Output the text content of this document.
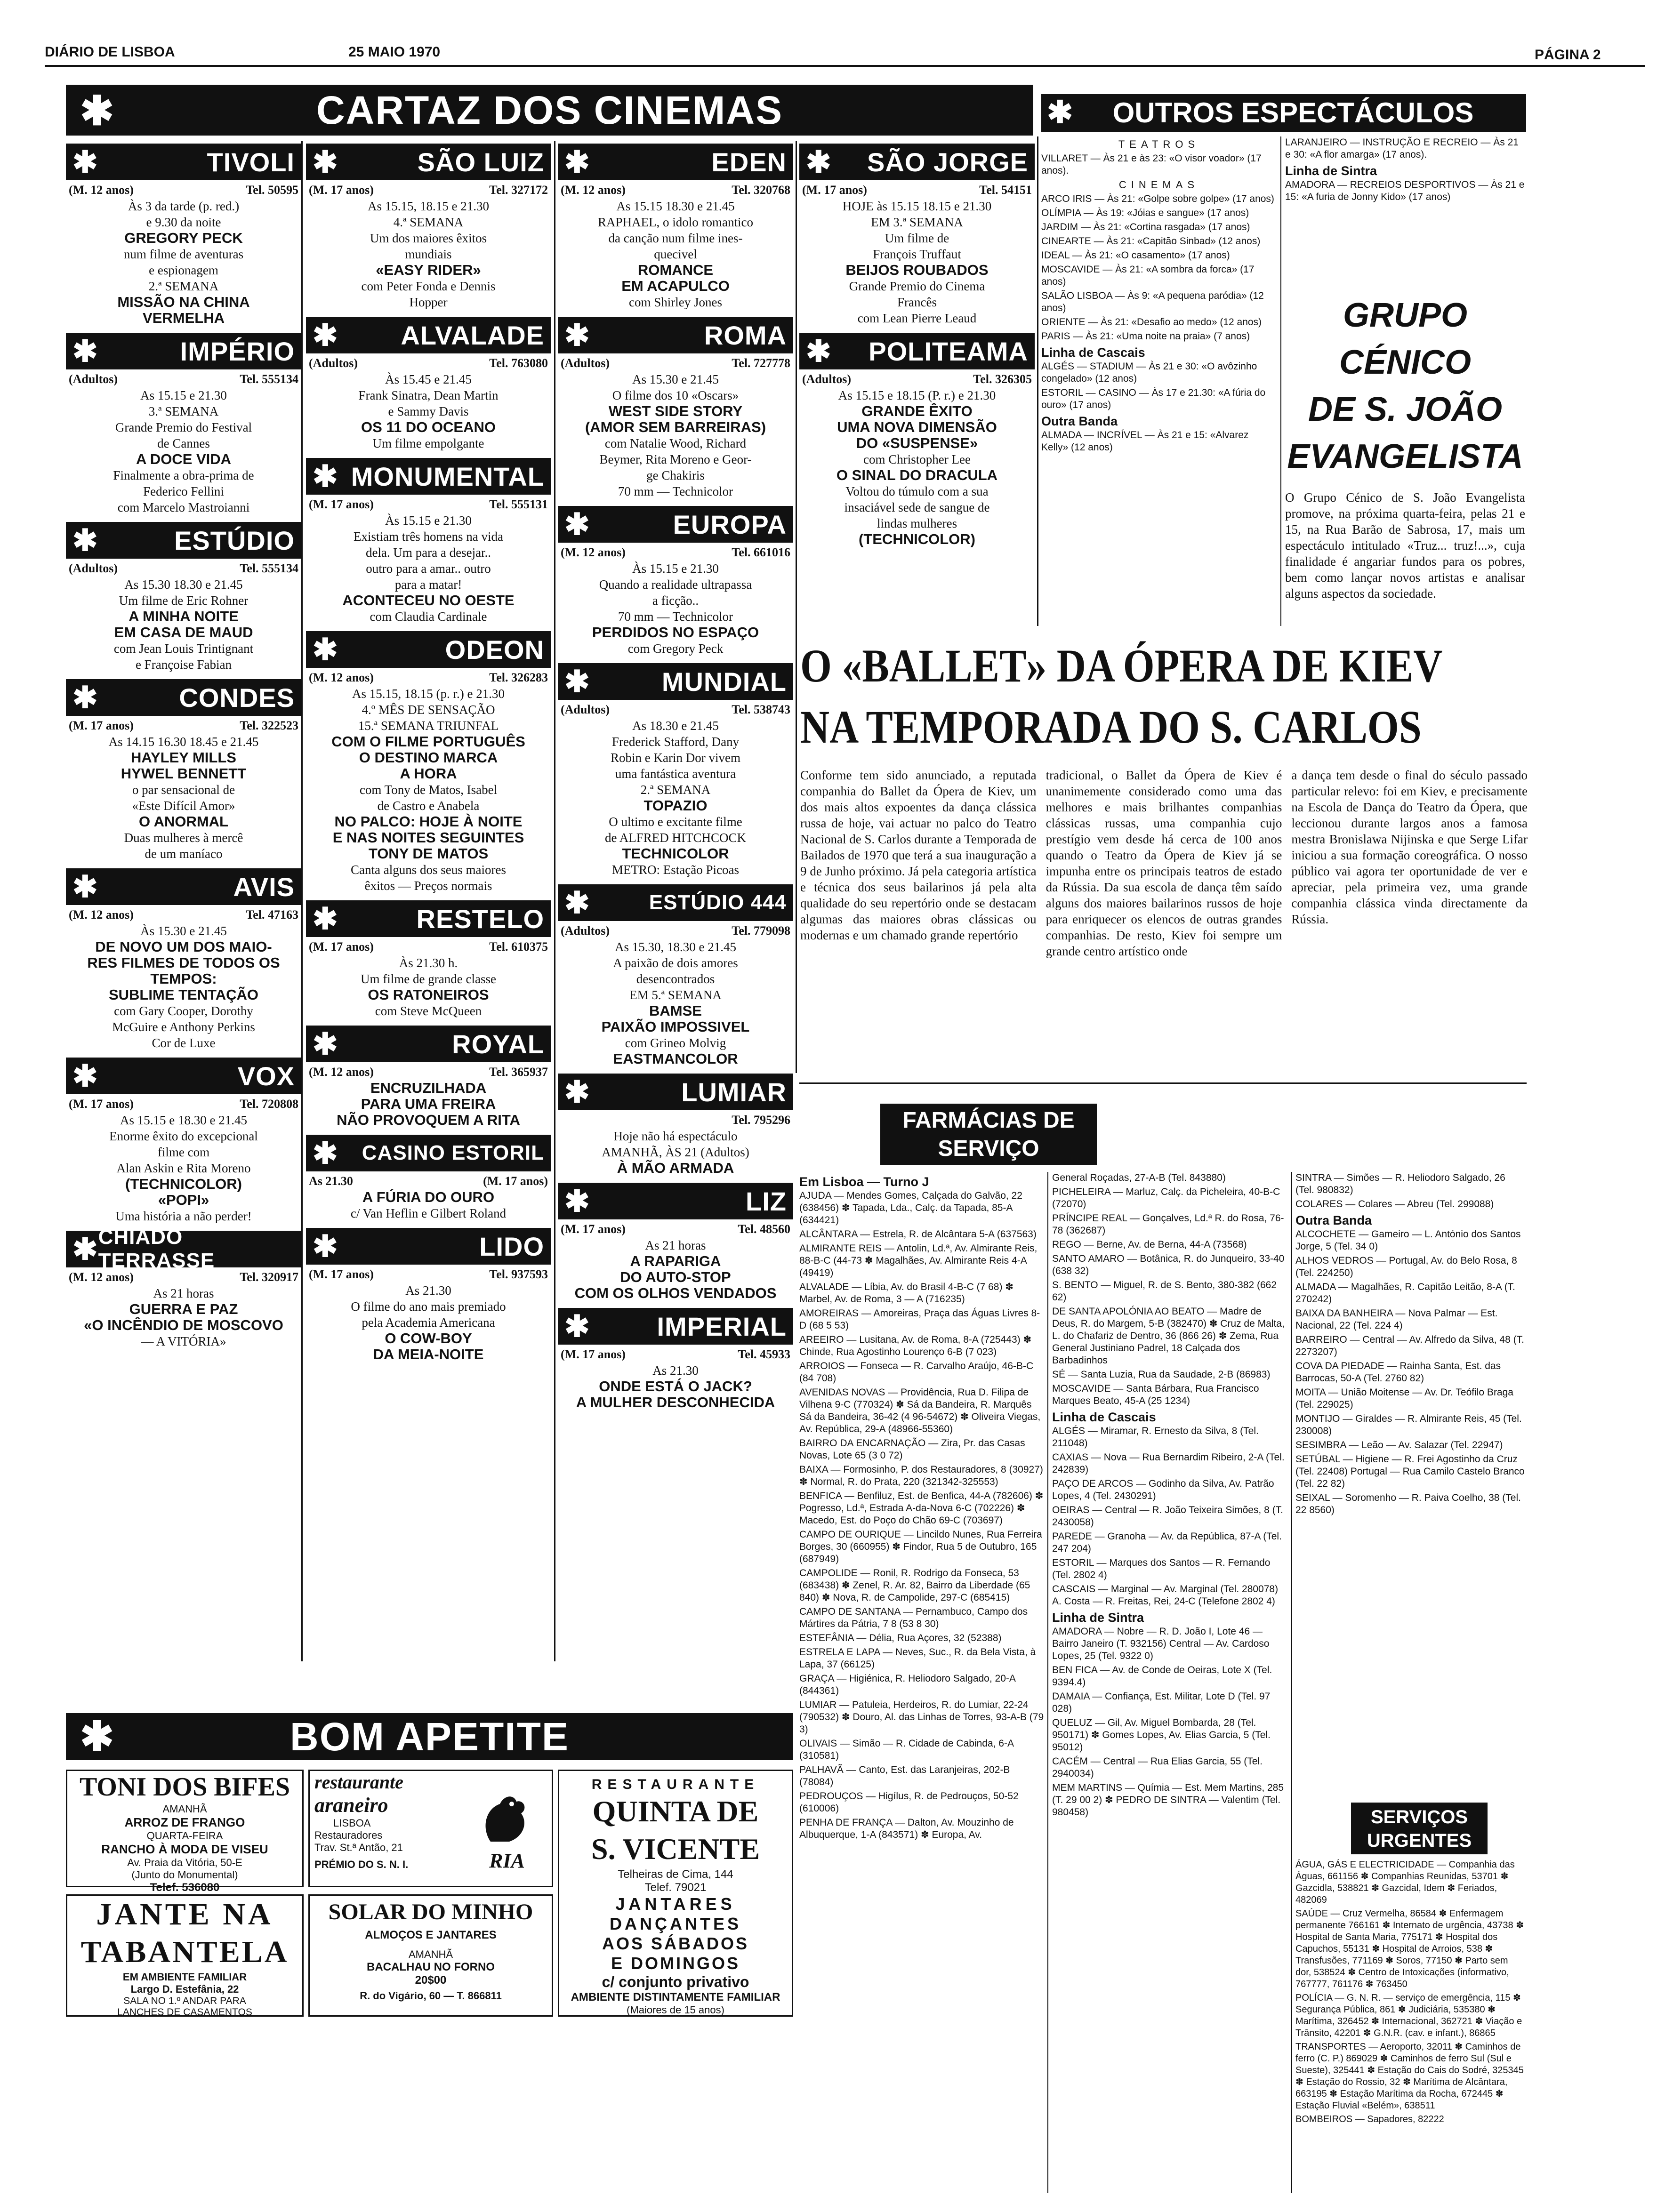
DIÁRIO DE LISBOA	25 MAIO 1970	PÁGINA 2
✱	CARTAZ DOS CINEMAS	✱ OUTROS ESPECTÁCULOS
✱	TIVOLI
(M. 12 anos)	Tel. 50595
Às 3 da tarde (p. red.)
e 9.30 da noite
GREGORY PECK
num filme de aventuras
e espionagem
2.ª SEMANA
MISSÃO NA CHINA
VERMELHA
✱	IMPÉRIO
(Adultos)	Tel. 555134
As 15.15 e 21.30
3.ª SEMANA
Grande Premio do Festival
de Cannes
A DOCE VIDA
Finalmente a obra-prima de
Federico Fellini
com Marcelo Mastroianni
✱	ESTÚDIO
(Adultos)	Tel. 555134
As 15.30 18.30 e 21.45
Um filme de Eric Rohner
A MINHA NOITE
EM CASA DE MAUD
com Jean Louis Trintignant
e Françoise Fabian
✱	CONDES
(M. 17 anos)	Tel. 322523
As 14.15 16.30 18.45 e 21.45
HAYLEY MILLS
HYWEL BENNETT
o par sensacional de
«Este Difícil Amor»
O ANORMAL
Duas mulheres à mercê
de um maníaco
✱	AVIS
(M. 12 anos)	Tel. 47163
Às 15.30 e 21.45
DE NOVO UM DOS MAIO-
RES FILMES DE TODOS OS
TEMPOS:
SUBLIME TENTAÇÃO
com Gary Cooper, Dorothy
McGuire e Anthony Perkins
Cor de Luxe
✱	VOX
(M. 17 anos)	Tel. 720808
As 15.15 e 18.30 e 21.45
Enorme êxito do excepcional
filme com
Alan Askin e Rita Moreno
(TECHNICOLOR)
«POPI»
Uma história a não perder!
✱ CHIADO TERRASSE
(M. 12 anos)	Tel. 320917
As 21 horas
GUERRA E PAZ
«O INCÊNDIO DE MOSCOVO
— A VITÓRIA»
✱	SÃO LUIZ
(M. 17 anos)	Tel. 327172
As 15.15, 18.15 e 21.30
4.ª SEMANA
Um dos maiores êxitos
mundiais
«EASY RIDER»
com Peter Fonda e Dennis
Hopper
✱ ALVALADE
(Adultos)	Tel. 763080
Às 15.45 e 21.45
Frank Sinatra, Dean Martin
e Sammy Davis
OS 11 DO OCEANO
Um filme empolgante
✱ MONUMENTAL
(M. 17 anos)	Tel. 555131
Às 15.15 e 21.30
Existiam três homens na vida
dela. Um para a desejar..
outro para a amar.. outro
para a matar!
ACONTECEU NO OESTE
com Claudia Cardinale
✱	ODEON
(M. 12 anos)	Tel. 326283
As 15.15, 18.15 (p. r.) e 21.30
4.º MÊS DE SENSAÇÃO
15.ª SEMANA TRIUNFAL
COM O FILME PORTUGUÊS
O DESTINO MARCA
A HORA
com Tony de Matos, Isabel
de Castro e Anabela
NO PALCO: HOJE À NOITE
E NAS NOITES SEGUINTES
TONY DE MATOS
Canta alguns dos seus maiores
êxitos — Preços normais
✱	RESTELO
(M. 17 anos)	Tel. 610375
Às 21.30 h.
Um filme de grande classe
OS RATONEIROS
com Steve McQueen
✱	ROYAL
(M. 12 anos)	Tel. 365937
ENCRUZILHADA
PARA UMA FREIRA
NÃO PROVOQUEM A RITA
✱ CASINO ESTORIL
As 21.30	(M. 17 anos)
A FÚRIA DO OURO
c/ Van Heflin e Gilbert Roland
✱	LIDO
(M. 17 anos)	Tel. 937593
As 21.30
O filme do ano mais premiado
pela Academia Americana
O COW-BOY
DA MEIA-NOITE
✱	EDEN
(M. 12 anos)	Tel. 320768
As 15.15 18.30 e 21.45
RAPHAEL, o idolo romantico
da canção num filme ines-
quecivel
ROMANCE
EM ACAPULCO
com Shirley Jones
✱	ROMA
(Adultos)	Tel. 727778
As 15.30 e 21.45
O filme dos 10 «Oscars»
WEST SIDE STORY
(AMOR SEM BARREIRAS)
com Natalie Wood, Richard
Beymer, Rita Moreno e Geor-
ge Chakiris
70 mm — Technicolor
✱	EUROPA
(M. 12 anos)	Tel. 661016
Às 15.15 e 21.30
Quando a realidade ultrapassa
a ficção..
70 mm — Technicolor
PERDIDOS NO ESPAÇO
com Gregory Peck
✱	MUNDIAL
(Adultos)	Tel. 538743
As 18.30 e 21.45
Frederick Stafford, Dany
Robin e Karin Dor vivem
uma fantástica aventura
2.ª SEMANA
TOPAZIO
O ultimo e excitante filme
de ALFRED HITCHCOCK
TECHNICOLOR
METRO: Estação Picoas
✱	ESTÚDIO 444
(Adultos)	Tel. 779098
As 15.30, 18.30 e 21.45
A paixão de dois amores
desencontrados
EM 5.ª SEMANA
BAMSE
PAIXÃO IMPOSSIVEL
com Grineo Molvig
EASTMANCOLOR
✱	LUMIAR
Tel. 795296
Hoje não há espectáculo
AMANHÃ, ÀS 21 (Adultos)
À MÃO ARMADA
✱	LIZ
(M. 17 anos)	Tel. 48560
As 21 horas
A RAPARIGA
DO AUTO-STOP
COM OS OLHOS VENDADOS
✱	IMPERIAL
(M. 17 anos)	Tel. 45933
As 21.30
ONDE ESTÁ O JACK?
A MULHER DESCONHECIDA
✱ SÃO JORGE
(M. 17 anos)	Tel. 54151
HOJE às 15.15 18.15 e 21.30
EM 3.ª SEMANA
Um filme de
François Truffaut
BEIJOS ROUBADOS
Grande Premio do Cinema
Francês
com Lean Pierre Leaud
✱ POLITEAMA
(Adultos)	Tel. 326305
As 15.15 e 18.15 (P. r.) e 21.30
GRANDE ÊXITO
UMA NOVA DIMENSÃO
DO «SUSPENSE»
com Christopher Lee
O SINAL DO DRACULA
Voltou do túmulo com a sua
insaciável sede de sangue de
lindas mulheres
(TECHNICOLOR)
TEATROS
VILLARET — Às 21 e às 23: «O visor voador» (17 anos).
CINEMAS
ARCO IRIS — Às 21: «Golpe sobre golpe» (17 anos)
OLÍMPIA — Às 19: «Jóias e sangue» (17 anos)
JARDIM — Às 21: «Cortina rasgada» (17 anos)
CINEARTE — Às 21: «Capitão Sinbad» (12 anos)
IDEAL — Às 21: «O casamento» (17 anos)
MOSCAVIDE — Às 21: «A sombra da forca» (17 anos)
SALÃO LISBOA — Às 9: «A pequena paródia» (12 anos)
ORIENTE — Às 21: «Desafio ao medo» (12 anos)
PARIS — Às 21: «Uma noite na praia» (7 anos)
Linha de Cascais
ALGÉS — STADIUM — Às 21 e 30: «O avôzinho congelado» (12 anos)
ESTORIL — CASINO — Às 17 e 21.30: «A fúria do ouro» (17 anos)
Outra Banda
ALMADA — INCRÍVEL — Às 21 e 15: «Alvarez Kelly» (12 anos)
LARANJEIRO — INSTRUÇÃO E RECREIO — Às 21 e 30: «A flor amarga» (17 anos).
Linha de Sintra
AMADORA — RECREIOS DESPORTIVOS — Às 21 e 15: «A furia de Jonny Kido» (17 anos)
GRUPO CÉNICO
DE S. JOÃO
EVANGELISTA
O Grupo Cénico de S. João Evangelista promove, na próxima quarta-feira, pelas 21 e 15, na Rua Barão de Sabrosa, 17, mais um espectáculo intitulado «Truz... truz!...», cuja finalidade é angariar fundos para os pobres, bem como lançar novos artistas e analisar alguns aspectos da sociedade.
O «BALLET» DA ÓPERA DE KIEV
NA TEMPORADA DO S. CARLOS
Conforme tem sido anunciado, a reputada companhia do Ballet da Ópera de Kiev, um dos mais altos expoentes da dança clássica russa de hoje, vai actuar no palco do Teatro Nacional de S. Carlos durante a Temporada de Bailados de 1970 que terá a sua inauguração a 9 de Junho próximo. Já pela categoria artística e técnica dos seus bailarinos já pela alta qualidade do seu repertório onde se destacam algumas das maiores obras clássicas ou modernas e um chamado grande repertório
tradicional, o Ballet da Ópera de Kiev é unanimemente considerado como uma das melhores e mais brilhantes companhias clássicas russas, uma companhia cujo prestígio vem desde há cerca de 100 anos quando o Teatro da Ópera de Kiev já se impunha entre os principais teatros de estado da Rússia. Da sua escola de dança têm saído alguns dos maiores bailarinos russos de hoje para enriquecer os elencos de outras grandes companhias. De resto, Kiev foi sempre um grande centro artístico onde
a dança tem desde o final do século passado particular relevo: foi em Kiev, e precisamente na Escola de Dança do Teatro da Ópera, que leccionou durante largos anos a famosa mestra Bronislawa Nijinska e que Serge Lifar iniciou a sua formação coreográfica. O nosso público vai agora ter oportunidade de ver e apreciar, pela primeira vez, uma grande companhia clássica vinda directamente da Rússia.
FARMÁCIAS DE SERVIÇO
Em Lisboa — Turno J
AJUDA — Mendes Gomes, Calçada do Galvão, 22 (638456) ✽ Tapada, Lda., Calç. da Tapada, 85-A (634421)
ALCÂNTARA — Estrela, R. de Alcântara 5-A (637563)
ALMIRANTE REIS — Antolin, Ld.ª, Av. Almirante Reis, 88-B-C (44-73 ✽ Magalhães, Av. Almirante Reis 4-A (49419)
ALVALADE — Líbia, Av. do Brasil 4-B-C (7 68) ✽ Marbel, Av. de Roma, 3 — A (716235)
AMOREIRAS — Amoreiras, Praça das Águas Livres 8-D (68 5 53)
AREEIRO — Lusitana, Av. de Roma, 8-A (725443) ✽ Chinde, Rua Agostinho Lourenço 6-B (7 023)
ARROIOS — Fonseca — R. Carvalho Araújo, 46-B-C (84 708)
AVENIDAS NOVAS — Providência, Rua D. Filipa de Vilhena 9-C (770324) ✽ Sá da Bandeira, R. Marquês Sá da Bandeira, 36-42 (4 96-54672) ✽ Oliveira Viegas, Av. República, 29-A (48966-55360)
BAIRRO DA ENCARNAÇÃO — Zira, Pr. das Casas Novas, Lote 65 (3 0 72)
BAIXA — Formosinho, P. dos Restauradores, 8 (30927) ✽ Normal, R. do Prata, 220 (321342-325553)
BENFICA — Benfiluz, Est. de Benfica, 44-A (782606) ✽ Pogresso, Ld.ª, Estrada A-da-Nova 6-C (702226) ✽ Macedo, Est. do Poço do Chão 69-C (703697)
CAMPO DE OURIQUE — Lincildo Nunes, Rua Ferreira Borges, 30 (660955) ✽ Findor, Rua 5 de Outubro, 165 (687949)
CAMPOLIDE — Ronil, R. Rodrigo da Fonseca, 53 (683438) ✽ Zenel, R. Ar. 82, Bairro da Liberdade (65 840) ✽ Nova, R. de Campolide, 297-C (685415)
CAMPO DE SANTANA — Pernambuco, Campo dos Mártires da Pátria, 7 8 (53 8 30)
ESTEFÂNIA — Délia, Rua Açores, 32 (52388)
ESTRELA E LAPA — Neves, Suc., R. da Bela Vista, à Lapa, 37 (66125)
GRAÇA — Higiénica, R. Heliodoro Salgado, 20-A (844361)
LUMIAR — Patuleia, Herdeiros, R. do Lumiar, 22-24 (790532) ✽ Douro, Al. das Linhas de Torres, 93-A-B (79 3)
OLIVAIS — Simão — R. Cidade de Cabinda, 6-A (310581)
PALHAVÃ — Canto, Est. das Laranjeiras, 202-B (78084)
PEDROUÇOS — Higílus, R. de Pedrouços, 50-52 (610006)
PENHA DE FRANÇA — Dalton, Av. Mouzinho de Albuquerque, 1-A (843571) ✽ Europa, Av.
General Roçadas, 27-A-B (Tel. 843880)
PICHELEIRA — Marluz, Calç. da Picheleira, 40-B-C (72070)
PRÍNCIPE REAL — Gonçalves, Ld.ª R. do Rosa, 76-78 (362687)
REGO — Berne, Av. de Berna, 44-A (73568)
SANTO AMARO — Botânica, R. do Junqueiro, 33-40 (638 32)
S. BENTO — Miguel, R. de S. Bento, 380-382 (662 62)
DE SANTA APOLÓNIA AO BEATO — Madre de Deus, R. do Margem, 5-B (382470) ✽ Cruz de Malta, L. do Chafariz de Dentro, 36 (866 26) ✽ Zema, Rua General Justiniano Padrel, 18 Calçada dos Barbadinhos
SÉ — Santa Luzia, Rua da Saudade, 2-B (86983)
MOSCAVIDE — Santa Bárbara, Rua Francisco Marques Beato, 45-A (25 1234)
Linha de Cascais
ALGÉS — Miramar, R. Ernesto da Silva, 8 (Tel. 211048)
CAXIAS — Nova — Rua Bernardim Ribeiro, 2-A (Tel. 242839)
PAÇO DE ARCOS — Godinho da Silva, Av. Patrão Lopes, 4 (Tel. 2430291)
OEIRAS — Central — R. João Teixeira Simões, 8 (T. 2430058)
PAREDE — Granoha — Av. da República, 87-A (Tel. 247 204)
ESTORIL — Marques dos Santos — R. Fernando (Tel. 2802 4)
CASCAIS — Marginal — Av. Marginal (Tel. 280078) A. Costa — R. Freitas, Rei, 24-C (Telefone 2802 4)
Linha de Sintra
AMADORA — Nobre — R. D. João I, Lote 46 — Bairro Janeiro (T. 932156) Central — Av. Cardoso Lopes, 25 (Tel. 9322 0)
BEN FICA — Av. de Conde de Oeiras, Lote X (Tel. 9394.4)
DAMAIA — Confiança, Est. Militar, Lote D (Tel. 97 028)
QUELUZ — Gil, Av. Miguel Bombarda, 28 (Tel. 950171) ✽ Gomes Lopes, Av. Elias Garcia, 5 (Tel. 95012)
CACÉM — Central — Rua Elias Garcia, 55 (Tel. 2940034)
MEM MARTINS — Químia — Est. Mem Martins, 285 (T. 29 00 2) ✽ PEDRO DE SINTRA — Valentim (Tel. 980458)
SINTRA — Simões — R. Heliodoro Salgado, 26 (Tel. 980832)
COLARES — Colares — Abreu (Tel. 299088)
Outra Banda
ALCOCHETE — Gameiro — L. António dos Santos Jorge, 5 (Tel. 34 0)
ALHOS VEDROS — Portugal, Av. do Belo Rosa, 8 (Tel. 224250)
ALMADA — Magalhães, R. Capitão Leitão, 8-A (T. 270242)
BAIXA DA BANHEIRA — Nova Palmar — Est. Nacional, 22 (Tel. 224 4)
BARREIRO — Central — Av. Alfredo da Silva, 48 (T. 2273207)
COVA DA PIEDADE — Rainha Santa, Est. das Barrocas, 50-A (Tel. 2760 82)
MOITA — União Moitense — Av. Dr. Teófilo Braga (Tel. 229025)
MONTIJO — Giraldes — R. Almirante Reis, 45 (Tel. 230008)
SESIMBRA — Leão — Av. Salazar (Tel. 22947)
SETÚBAL — Higiene — R. Frei Agostinho da Cruz (Tel. 22408) Portugal — Rua Camilo Castelo Branco (Tel. 22 82)
SEIXAL — Soromenho — R. Paiva Coelho, 38 (Tel. 22 8560)
SERVIÇOS URGENTES
ÁGUA, GÁS E ELECTRICIDADE — Companhia das Águas, 661156 ✽ Companhias Reunidas, 53701 ✽ Gazcidla, 538821 ✽ Gazcidal, Idem ✽ Feriados, 482069
SAÚDE — Cruz Vermelha, 86584 ✽ Enfermagem permanente 766161 ✽ Internato de urgência, 43738 ✽ Hospital de Santa Maria, 775171 ✽ Hospital dos Capuchos, 55131 ✽ Hospital de Arroios, 538 ✽ Transfusões, 771169 ✽ Soros, 77150 ✽ Parto sem dor, 538524 ✽ Centro de Intoxicações (informativo, 767777, 761176 ✽ 763450
POLÍCIA — G. N. R. — serviço de emergência, 115 ✽ Segurança Pública, 861 ✽ Judiciária, 535380 ✽ Marítima, 326452 ✽ Internacional, 362721 ✽ Viação e Trânsito, 42201 ✽ G.N.R. (cav. e infant.), 86865
TRANSPORTES — Aeroporto, 32011 ✽ Caminhos de ferro (C. P.) 869029 ✽ Caminhos de ferro Sul (Sul e Sueste), 325441 ✽ Estação do Cais do Sodré, 325345 ✽ Estação do Rossio, 32 ✽ Marítima de Alcântara, 663195 ✽ Estação Marítima da Rocha, 672445 ✽ Estação Fluvial «Belém», 638511
BOMBEIROS — Sapadores, 82222
✱	BOM APETITE
TONI DOS BIFES
AMANHÃ
ARROZ DE FRANGO
QUARTA-FEIRA
RANCHO À MODA DE VISEU
Av. Praia da Vitória, 50-E
(Junto do Monumental)
Telef. 536080
JANTE NA
TABANTELA
EM AMBIENTE FAMILIAR
Largo D. Estefânia, 22
SALA NO 1.º ANDAR PARA
LANCHES DE CASAMENTOS
restaurante
araneiro
LISBOA
Restauradores
Trav. St.ª Antão, 21
PRÉMIO DO S. N. I.	RIA
SOLAR DO MINHO
ALMOÇOS E JANTARES
AMANHÃ
BACALHAU NO FORNO
20$00
R. do Vigário, 60 — T. 866811
RESTAURANTE
QUINTA DE
S. VICENTE
Telheiras de Cima, 144
Telef. 79021
JANTARES
DANÇANTES
AOS SÁBADOS
E DOMINGOS
c/ conjunto privativo
AMBIENTE DISTINTAMENTE FAMILIAR
(Maiores de 15 anos)
